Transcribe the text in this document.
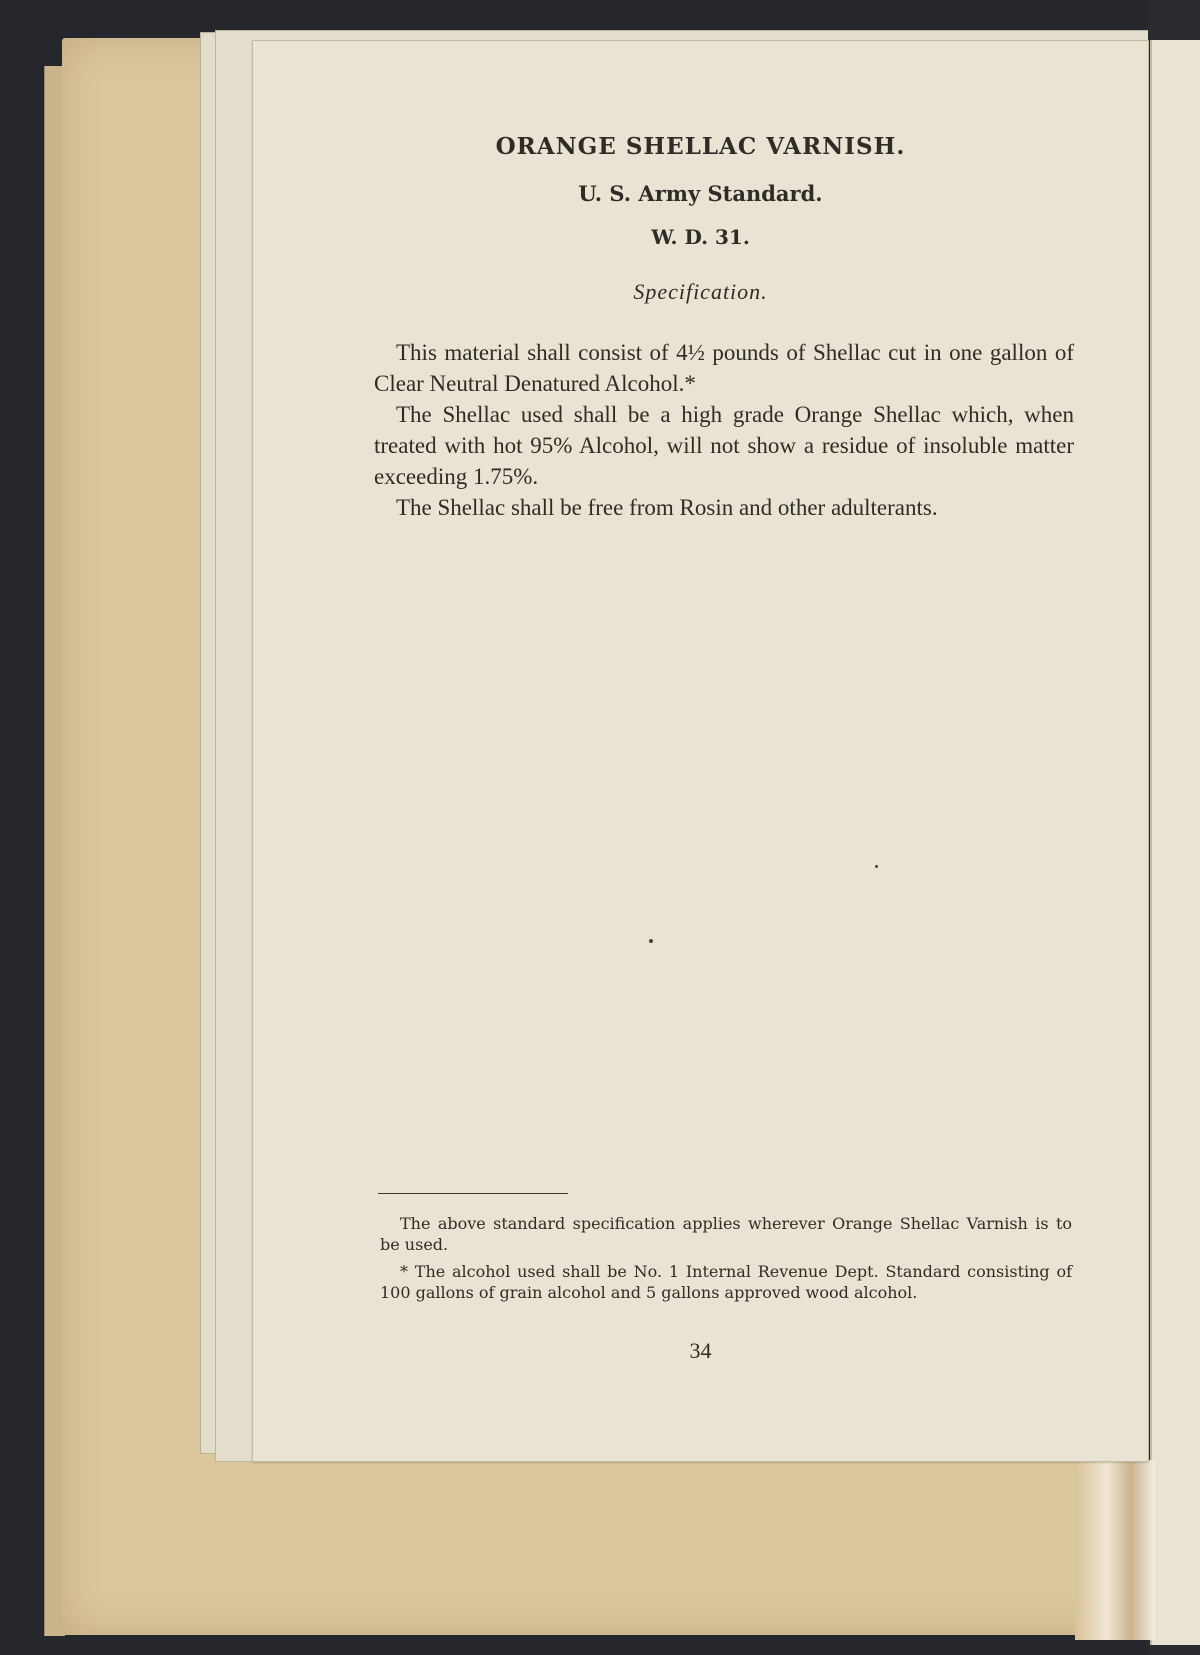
ORANGE SHELLAC VARNISH.
U. S. Army Standard.
W. D. 31.
Specification.

This material shall consist of 4½ pounds of Shellac cut in one gallon of Clear Neutral Denatured Alcohol.*

The Shellac used shall be a high grade Orange Shellac which, when treated with hot 95% Alcohol, will not show a residue of insoluble matter exceeding 1.75%.

The Shellac shall be free from Rosin and other adulterants.

The above standard specification applies wherever Orange Shellac Varnish is to be used.

* The alcohol used shall be No. 1 Internal Revenue Dept. Standard consisting of 100 gallons of grain alcohol and 5 gallons approved wood alcohol.

34
